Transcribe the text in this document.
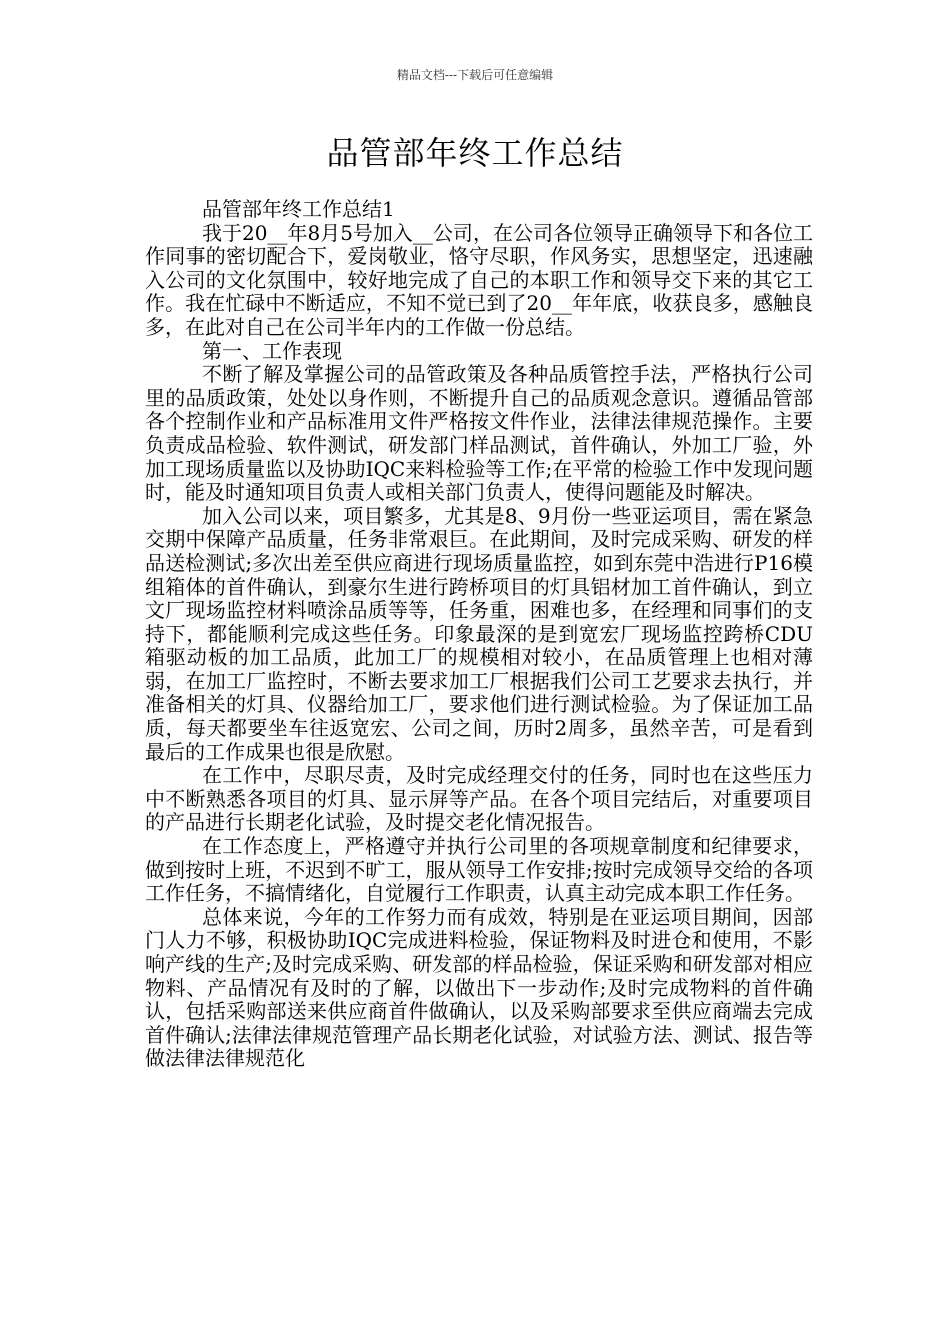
精品文档---下载后可任意编辑
品管部年终工作总结

品管部年终工作总结1

我于20__年8月5号加入__公司，在公司各位领导正确领导下和各位工作同事的密切配合下，爱岗敬业，恪守尽职，作风务实，思想坚定，迅速融入公司的文化氛围中，较好地完成了自己的本职工作和领导交下来的其它工作。我在忙碌中不断适应，不知不觉已到了20__年年底，收获良多，感触良多，在此对自己在公司半年内的工作做一份总结。

第一、工作表现

不断了解及掌握公司的品管政策及各种品质管控手法，严格执行公司里的品质政策，处处以身作则，不断提升自己的品质观念意识。遵循品管部各个控制作业和产品标准用文件严格按文件作业，法律法律规范操作。主要负责成品检验、软件测试，研发部门样品测试，首件确认，外加工厂验，外加工现场质量监以及协助IQC来料检验等工作;在平常的检验工作中发现问题时，能及时通知项目负责人或相关部门负责人，使得问题能及时解决。

加入公司以来，项目繁多，尤其是8、9月份一些亚运项目，需在紧急交期中保障产品质量，任务非常艰巨。在此期间，及时完成采购、研发的样品送检测试;多次出差至供应商进行现场质量监控，如到东莞中浩进行P16模组箱体的首件确认，到豪尔生进行跨桥项目的灯具铝材加工首件确认，到立文厂现场监控材料喷涂品质等等，任务重，困难也多，在经理和同事们的支持下，都能顺利完成这些任务。印象最深的是到宽宏厂现场监控跨桥CDU箱驱动板的加工品质，此加工厂的规模相对较小，在品质管理上也相对薄弱，在加工厂监控时，不断去要求加工厂根据我们公司工艺要求去执行，并准备相关的灯具、仪器给加工厂，要求他们进行测试检验。为了保证加工品质，每天都要坐车往返宽宏、公司之间，历时2周多，虽然辛苦，可是看到最后的工作成果也很是欣慰。

在工作中，尽职尽责，及时完成经理交付的任务，同时也在这些压力中不断熟悉各项目的灯具、显示屏等产品。在各个项目完结后，对重要项目的产品进行长期老化试验，及时提交老化情况报告。

在工作态度上，严格遵守并执行公司里的各项规章制度和纪律要求，做到按时上班，不迟到不旷工，服从领导工作安排;按时完成领导交给的各项工作任务，不搞情绪化，自觉履行工作职责，认真主动完成本职工作任务。

总体来说，今年的工作努力而有成效，特别是在亚运项目期间，因部门人力不够，积极协助IQC完成进料检验，保证物料及时进仓和使用，不影响产线的生产;及时完成采购、研发部的样品检验，保证采购和研发部对相应物料、产品情况有及时的了解，以做出下一步动作;及时完成物料的首件确认，包括采购部送来供应商首件做确认，以及采购部要求至供应商端去完成首件确认;法律法律规范管理产品长期老化试验，对试验方法、测试、报告等做法律法律规范化
